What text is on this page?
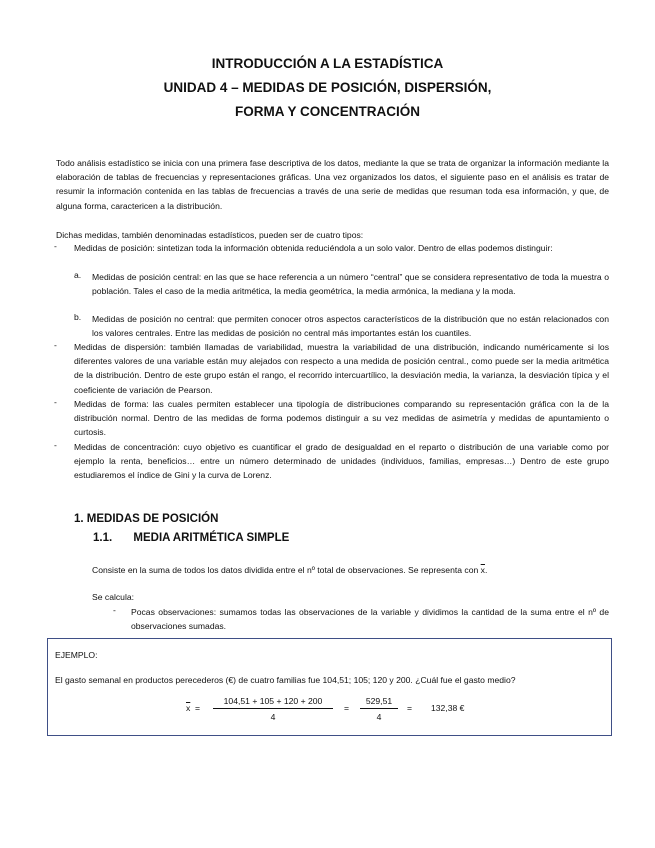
INTRODUCCIÓN A LA ESTADÍSTICA
UNIDAD 4 – MEDIDAS DE POSICIÓN, DISPERSIÓN,
FORMA Y CONCENTRACIÓN

Todo análisis estadístico se inicia con una primera fase descriptiva de los datos, mediante la que se trata de organizar la información mediante la elaboración de tablas de frecuencias y representaciones gráficas. Una vez organizados los datos, el siguiente paso en el análisis es tratar de resumir la información contenida en las tablas de frecuencias a través de una serie de medidas que resuman toda esa información, y que, de alguna forma, caractericen a la distribución.

Dichas medidas, también denominadas estadísticos, pueden ser de cuatro tipos:

- Medidas de posición: sintetizan toda la información obtenida reduciéndola a un solo valor. Dentro de ellas podemos distinguir:

a. Medidas de posición central: en las que se hace referencia a un número “central” que se considera representativo de toda la muestra o población. Tales el caso de la media aritmética, la media geométrica, la media armónica, la mediana y la moda.

b. Medidas de posición no central: que permiten conocer otros aspectos característicos de la distribución que no están relacionados con los valores centrales. Entre las medidas de posición no central más importantes están los cuantiles.

- Medidas de dispersión: también llamadas de variabilidad, muestra la variabilidad de una distribución, indicando numéricamente si los diferentes valores de una variable están muy alejados con respecto a una medida de posición central., como puede ser la media aritmética de la distribución. Dentro de este grupo están el rango, el recorrido intercuartílico, la desviación media, la varianza, la desviación típica y el coeficiente de variación de Pearson.

- Medidas de forma: las cuales permiten establecer una tipología de distribuciones comparando su representación gráfica con la de la distribución normal. Dentro de las medidas de forma podemos distinguir a su vez medidas de asimetría y medidas de apuntamiento o curtosis.

- Medidas de concentración: cuyo objetivo es cuantificar el grado de desigualdad en el reparto o distribución de una variable como por ejemplo la renta, beneficios… entre un número determinado de unidades (individuos, familias, empresas…) Dentro de este grupo estudiaremos el índice de Gini y la curva de Lorenz.

1. MEDIDAS DE POSICIÓN
1.1. MEDIA ARITMÉTICA SIMPLE

Consiste en la suma de todos los datos dividida entre el nº total de observaciones. Se representa con $\overline{x}$.

Se calcula:

- Pocas observaciones: sumamos todas las observaciones de la variable y dividimos la cantidad de la suma entre el nº de observaciones sumadas.

EJEMPLO:

El gasto semanal en productos perecederos (€) de cuatro familias fue 104,51; 105; 120 y 200. ¿Cuál fue el gasto medio?

$\overline{x} = \frac{104,51 + 105 + 120 + 200}{4} = \frac{529,51}{4} = 132,38$ €
